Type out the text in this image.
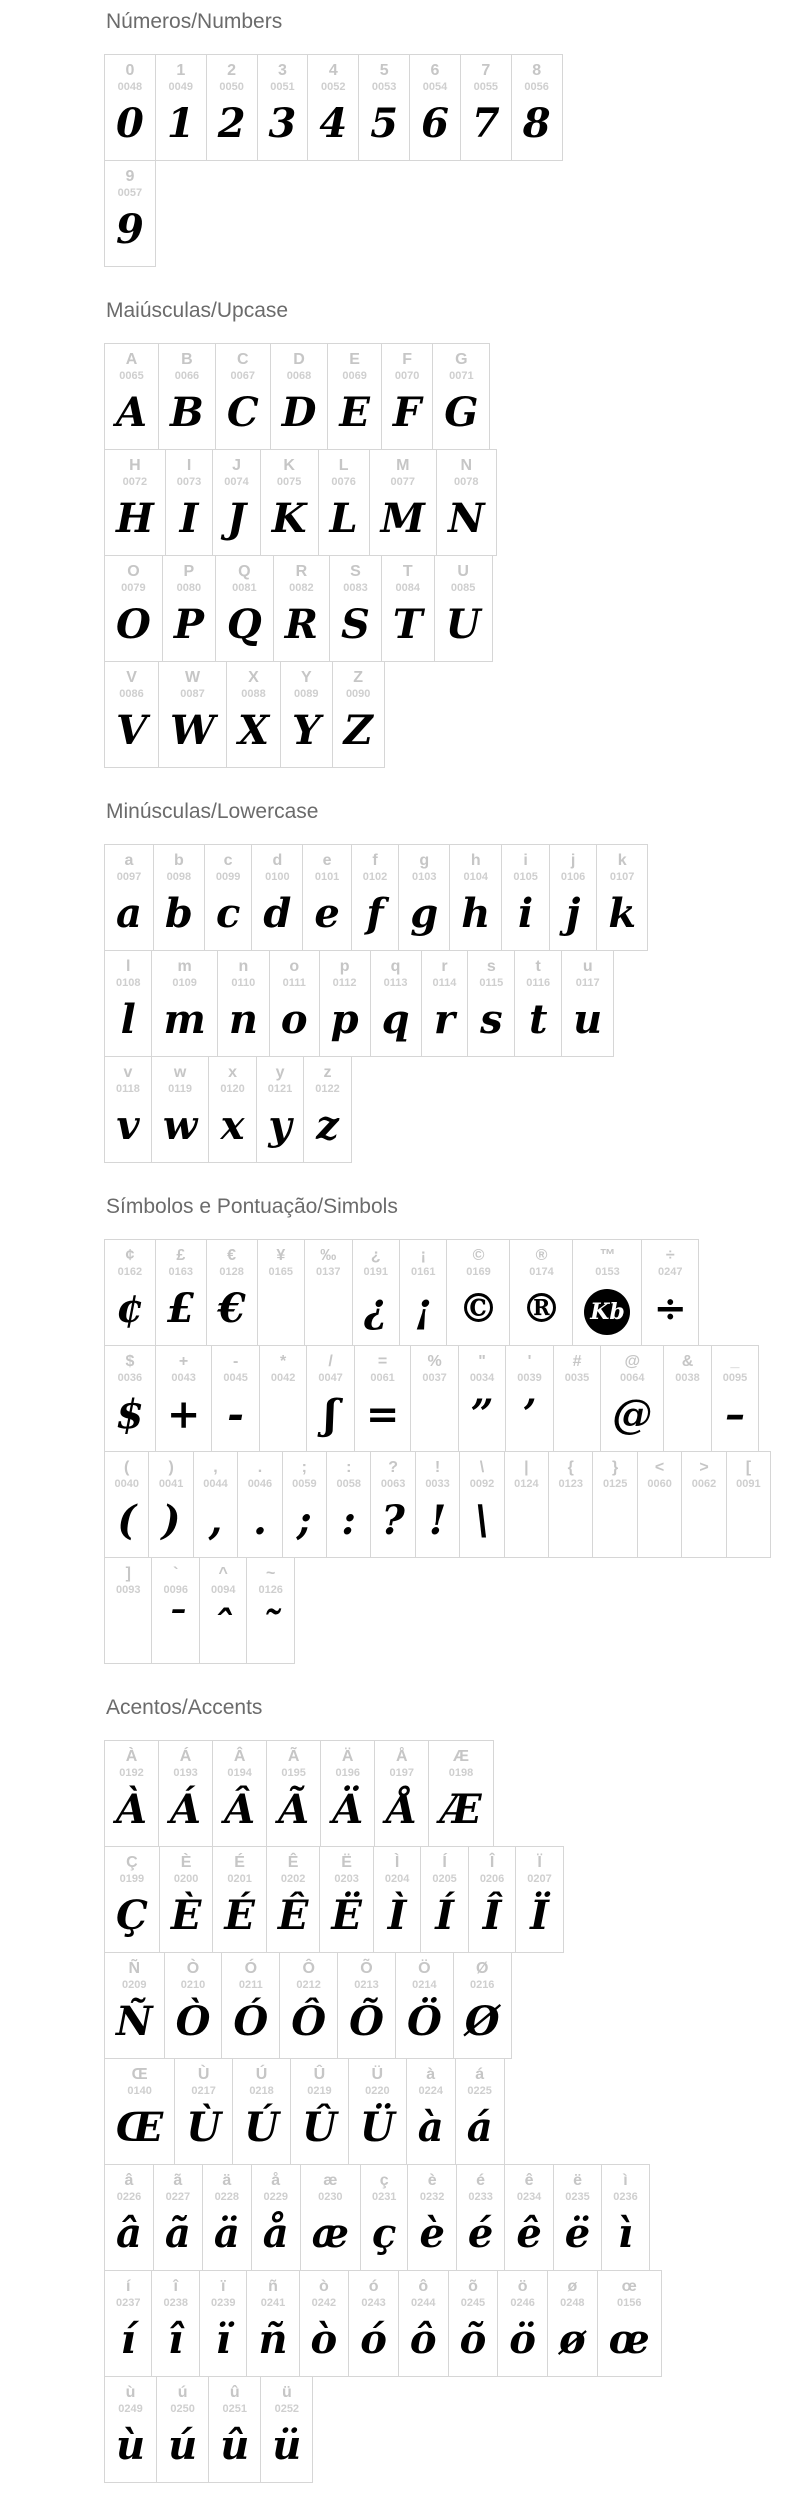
Números/Numbers
0
0048
0
1
0049
1
2
0050
2
3
0051
3
4
0052
4
5
0053
5
6
0054
6
7
0055
7
8
0056
8
9
0057
9
Maiúsculas/Upcase
A
0065
A
B
0066
B
C
0067
C
D
0068
D
E
0069
E
F
0070
F
G
0071
G
H
0072
H
I
0073
I
J
0074
J
K
0075
K
L
0076
L
M
0077
M
N
0078
N
O
0079
O
P
0080
P
Q
0081
Q
R
0082
R
S
0083
S
T
0084
T
U
0085
U
V
0086
V
W
0087
W
X
0088
X
Y
0089
Y
Z
0090
Z
Minúsculas/Lowercase
a
0097
a
b
0098
b
c
0099
c
d
0100
d
e
0101
e
f
0102
f
g
0103
g
h
0104
h
i
0105
i
j
0106
j
k
0107
k
l
0108
l
m
0109
m
n
0110
n
o
0111
o
p
0112
p
q
0113
q
r
0114
r
s
0115
s
t
0116
t
u
0117
u
v
0118
v
w
0119
w
x
0120
x
y
0121
y
z
0122
z
Símbolos e Pontuação/Simbols
¢
0162
¢
£
0163
£
€
0128
€
¥
0165
‰
0137
¿
0191
¿
¡
0161
¡
©
0169
©
®
0174
®
™
0153
Kb
÷
0247
÷
$
0036
$
+
0043
+
-
0045
-
*
0042
/
0047
ʃ
=
0061
=
%
0037
"
0034
”
'
0039
’
#
0035
@
0064
@
&
0038
_
0095
–
(
0040
(
)
0041
)
,
0044
,
.
0046
.
;
0059
;
:
0058
:
?
0063
?
!
0033
!
\
0092
\
|
0124
{
0123
}
0125
<
0060
>
0062
[
0091
]
0093
`
0096
ˉ
^
0094
ˆ
~
0126
˜
Acentos/Accents
À
0192
À
Á
0193
Á
Â
0194
Â
Ã
0195
Ã
Ä
0196
Ä
Å
0197
Å
Æ
0198
Æ
Ç
0199
Ç
È
0200
È
É
0201
É
Ê
0202
Ê
Ë
0203
Ë
Ì
0204
Ì
Í
0205
Í
Î
0206
Î
Ï
0207
Ï
Ñ
0209
Ñ
Ò
0210
Ò
Ó
0211
Ó
Ô
0212
Ô
Õ
0213
Õ
Ö
0214
Ö
Ø
0216
Ø
Œ
0140
Œ
Ù
0217
Ù
Ú
0218
Ú
Û
0219
Û
Ü
0220
Ü
à
0224
à
á
0225
á
â
0226
â
ã
0227
ã
ä
0228
ä
å
0229
å
æ
0230
æ
ç
0231
ç
è
0232
è
é
0233
é
ê
0234
ê
ë
0235
ë
ì
0236
ì
í
0237
í
î
0238
î
ï
0239
ï
ñ
0241
ñ
ò
0242
ò
ó
0243
ó
ô
0244
ô
õ
0245
õ
ö
0246
ö
ø
0248
ø
œ
0156
œ
ù
0249
ù
ú
0250
ú
û
0251
û
ü
0252
ü
